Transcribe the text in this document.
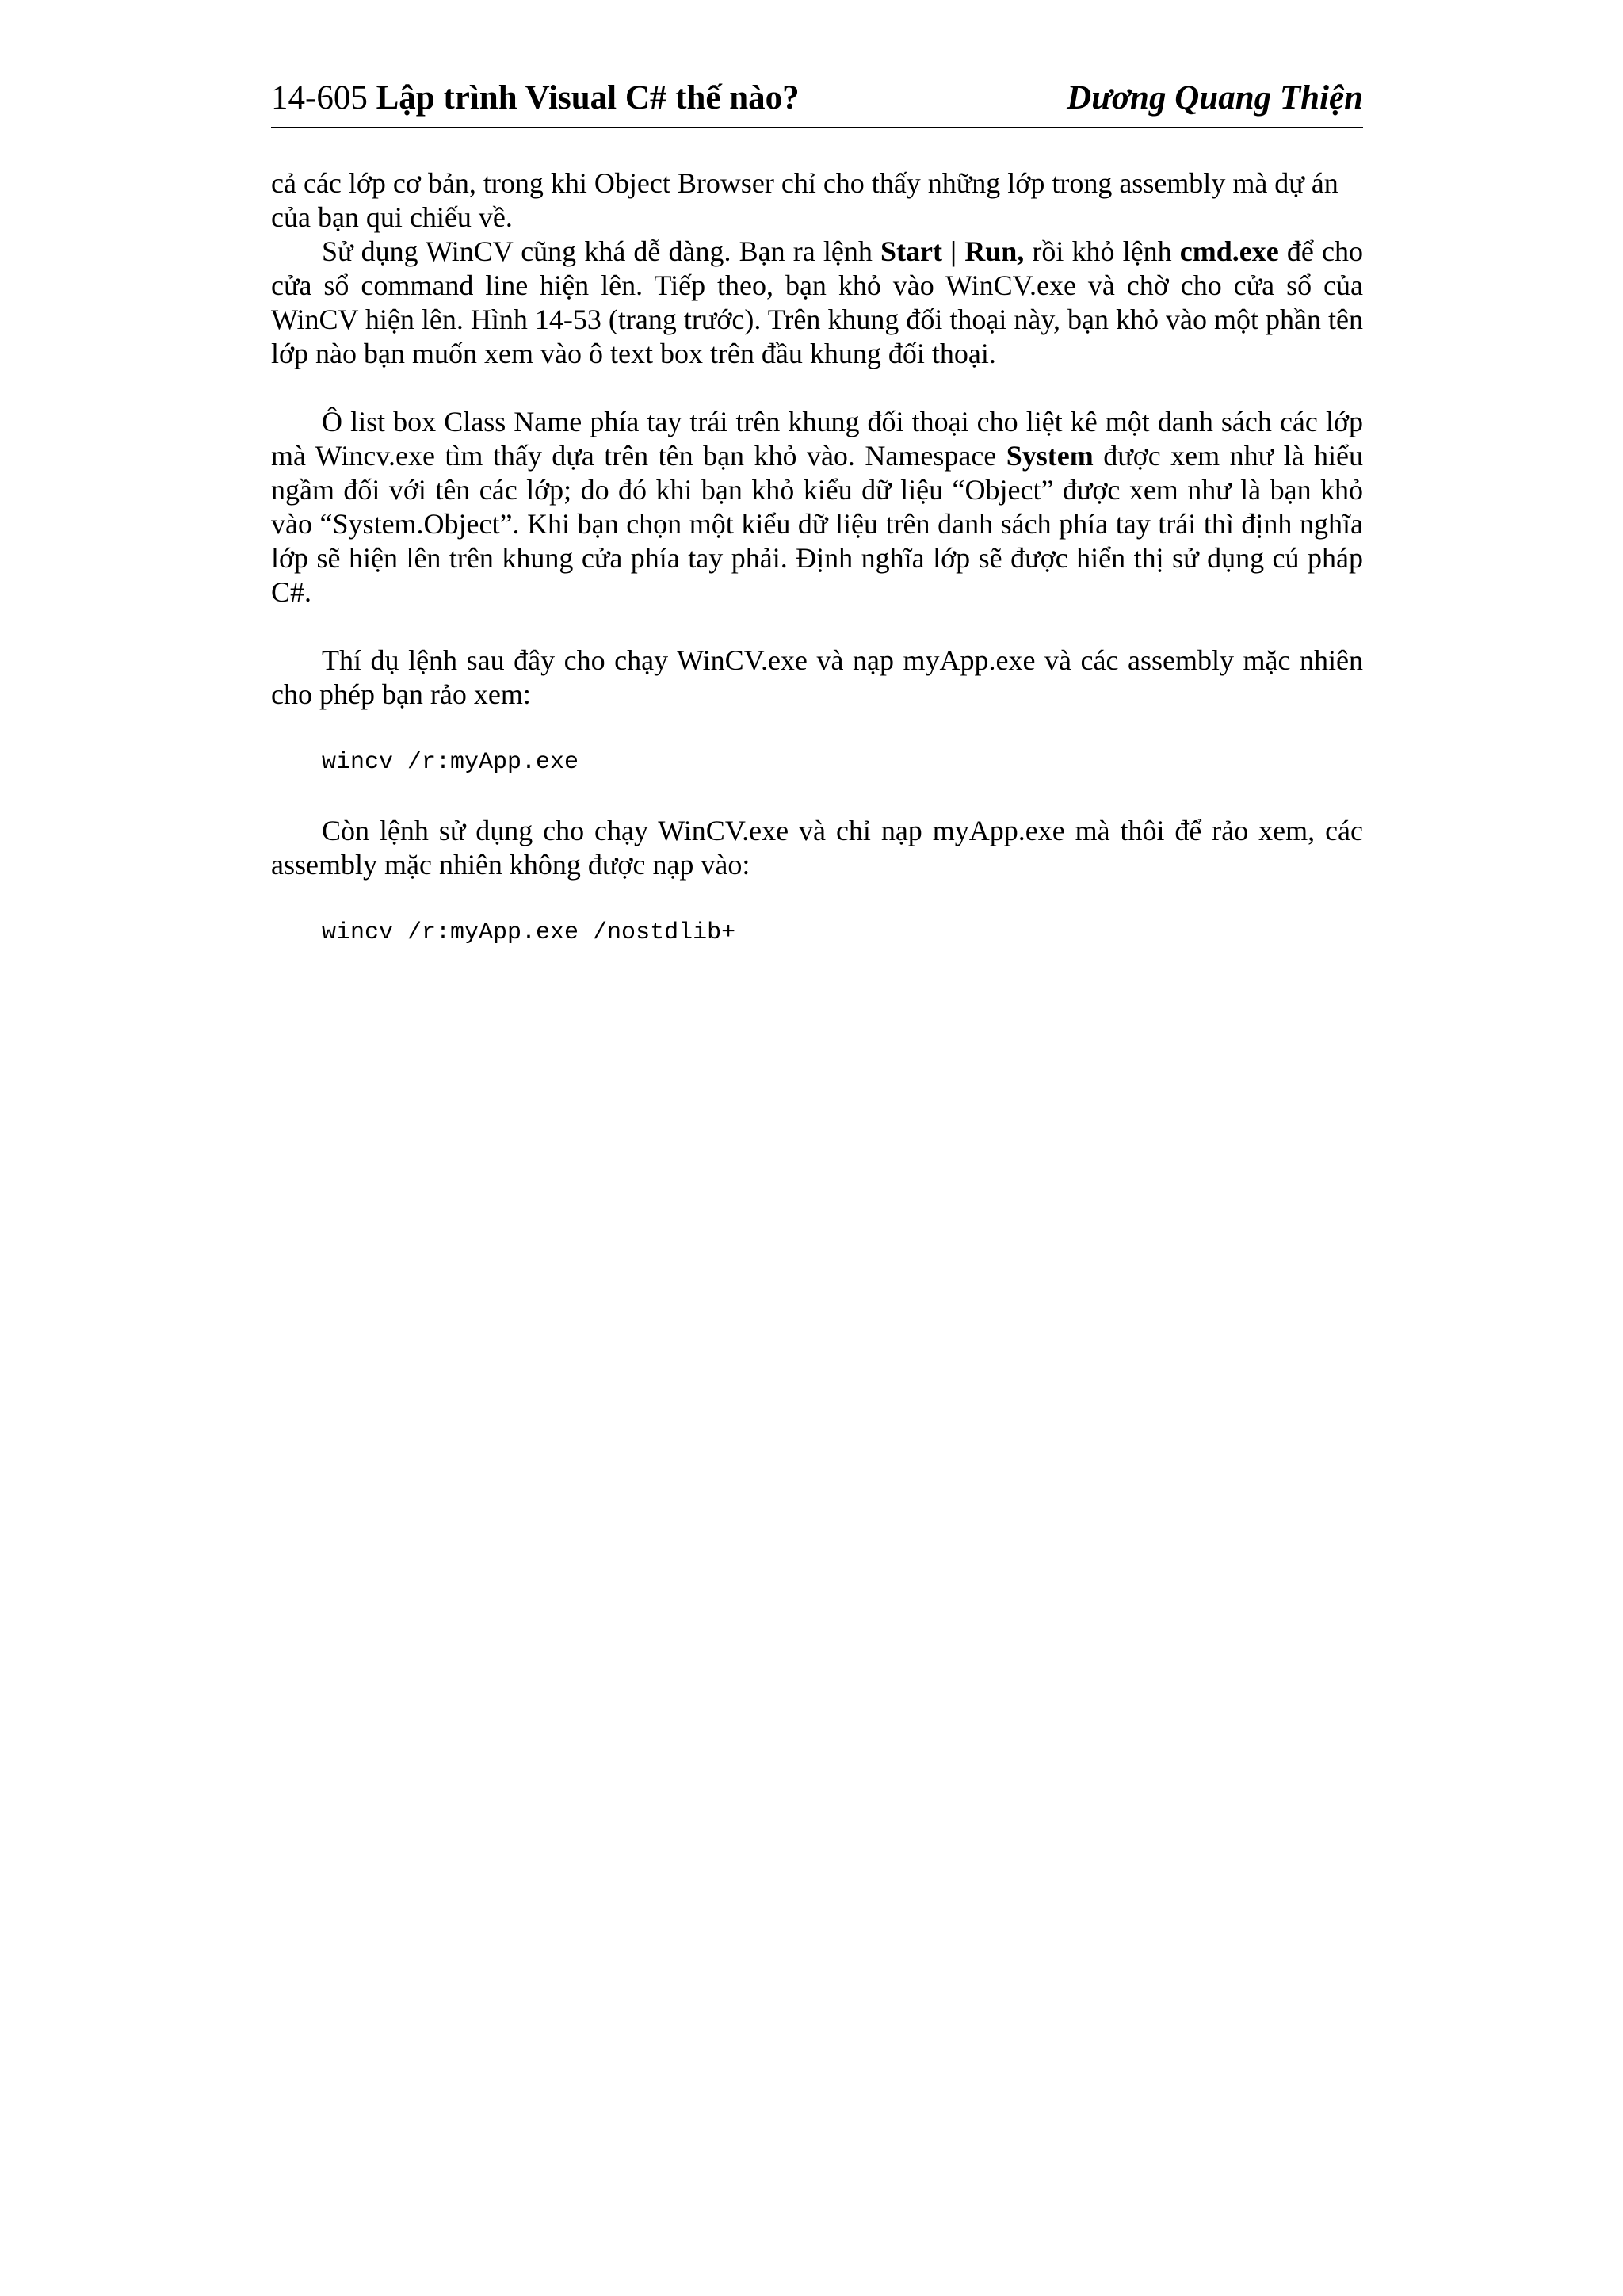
14-605 Lập trình Visual C# thế nào?	Dương Quang Thiện

cả các lớp cơ bản, trong khi Object Browser chỉ cho thấy những lớp trong assembly mà dự án của bạn qui chiếu về.

Sử dụng WinCV cũng khá dễ dàng. Bạn ra lệnh Start | Run, rồi khỏ lệnh cmd.exe để cho cửa sổ command line hiện lên. Tiếp theo, bạn khỏ vào WinCV.exe và chờ cho cửa sổ của WinCV hiện lên. Hình 14-53 (trang trước). Trên khung đối thoại này, bạn khỏ vào một phần tên lớp nào bạn muốn xem vào ô text box trên đầu khung đối thoại.

Ô list box Class Name phía tay trái trên khung đối thoại cho liệt kê một danh sách các lớp mà Wincv.exe tìm thấy dựa trên tên bạn khỏ vào. Namespace System được xem như là hiểu ngầm đối với tên các lớp; do đó khi bạn khỏ kiểu dữ liệu “Object” được xem như là bạn khỏ vào “System.Object”. Khi bạn chọn một kiểu dữ liệu trên danh sách phía tay trái thì định nghĩa lớp sẽ hiện lên trên khung cửa phía tay phải. Định nghĩa lớp sẽ được hiển thị sử dụng cú pháp C#.

Thí dụ lệnh sau đây cho chạy WinCV.exe và nạp myApp.exe và các assembly mặc nhiên cho phép bạn rảo xem:

wincv /r:myApp.exe

Còn lệnh sử dụng cho chạy WinCV.exe và chỉ nạp myApp.exe mà thôi để rảo xem, các assembly mặc nhiên không được nạp vào:

wincv /r:myApp.exe /nostdlib+
